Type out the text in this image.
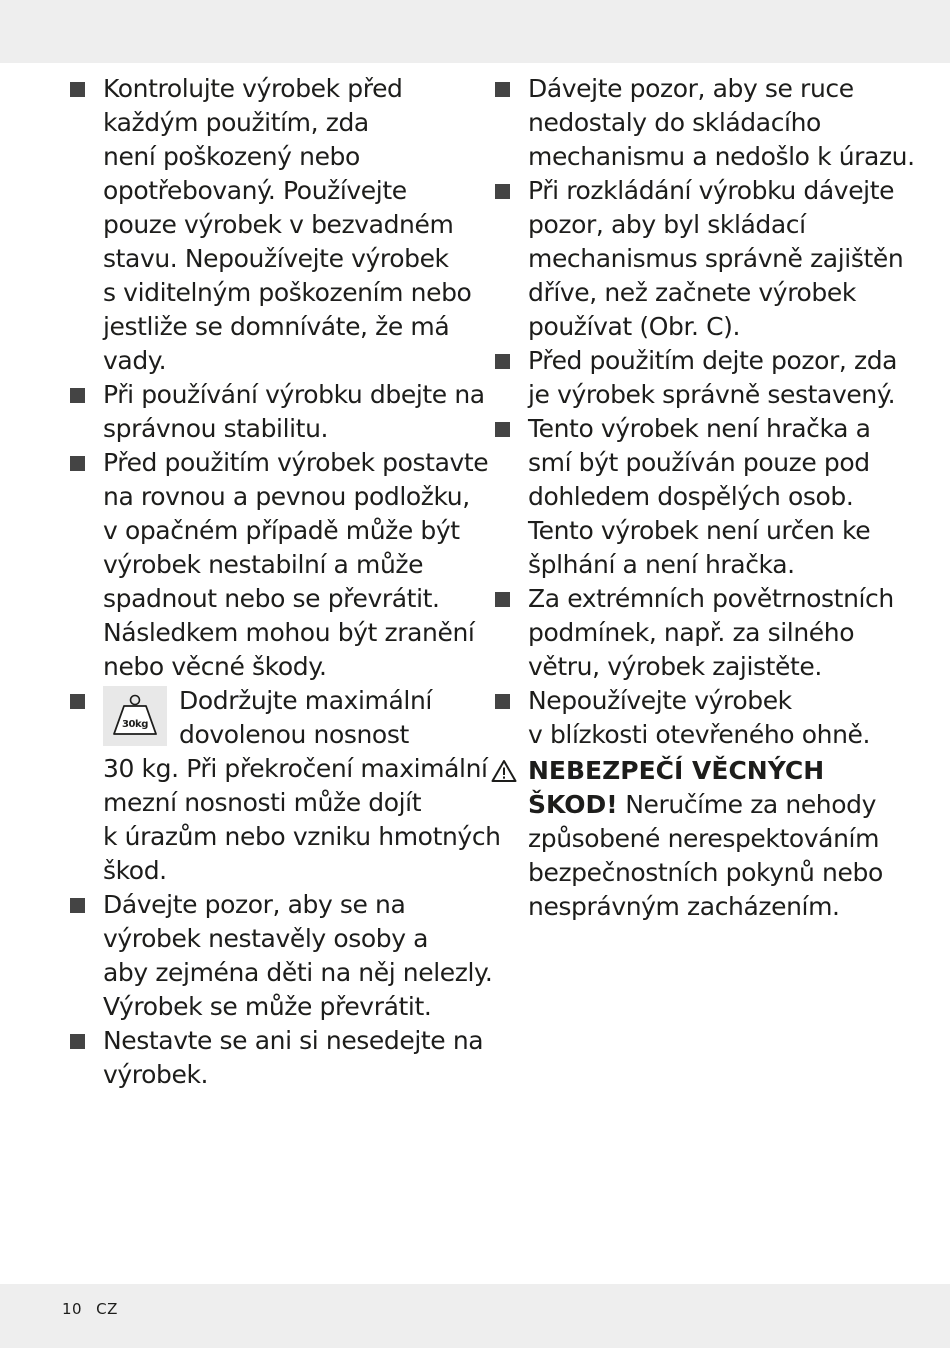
Kontrolujte výrobek před

každým použitím, zda

není poškozený nebo

opotřebovaný. Používejte

pouze výrobek v bezvadném

stavu. Nepoužívejte výrobek

s viditelným poškozením nebo

jestliže se domníváte, že má

vady.

Při používání výrobku dbejte na

správnou stabilitu.

Před použitím výrobek postavte

na rovnou a pevnou podložku,

v opačném případě může být

výrobek nestabilní a může

spadnout nebo se převrátit.

Následkem mohou být zranění

nebo věcné škody.

30kg

Dodržujte maximální

dovolenou nosnost

30 kg. Při překročení maximální

mezní nosnosti může dojít

k úrazům nebo vzniku hmotných

škod.

Dávejte pozor, aby se na

výrobek nestavěly osoby a

aby zejména děti na něj nelezly.

Výrobek se může převrátit.

Nestavte se ani si nesedejte na

výrobek.

Dávejte pozor, aby se ruce

nedostaly do skládacího

mechanismu a nedošlo k úrazu.

Při rozkládání výrobku dávejte

pozor, aby byl skládací

mechanismus správně zajištěn

dříve, než začnete výrobek

používat (Obr. C).

Před použitím dejte pozor, zda

je výrobek správně sestavený.

Tento výrobek není hračka a

smí být používán pouze pod

dohledem dospělých osob.

Tento výrobek není určen ke

šplhání a není hračka.

Za extrémních povětrnostních

podmínek, např. za silného

větru, výrobek zajistěte.

Nepoužívejte výrobek

v blízkosti otevřeného ohně.

NEBEZPEČÍ VĚCNÝCH

ŠKOD! Neručíme za nehody

způsobené nerespektováním

bezpečnostních pokynů nebo

nesprávným zacházením.

10 CZ
